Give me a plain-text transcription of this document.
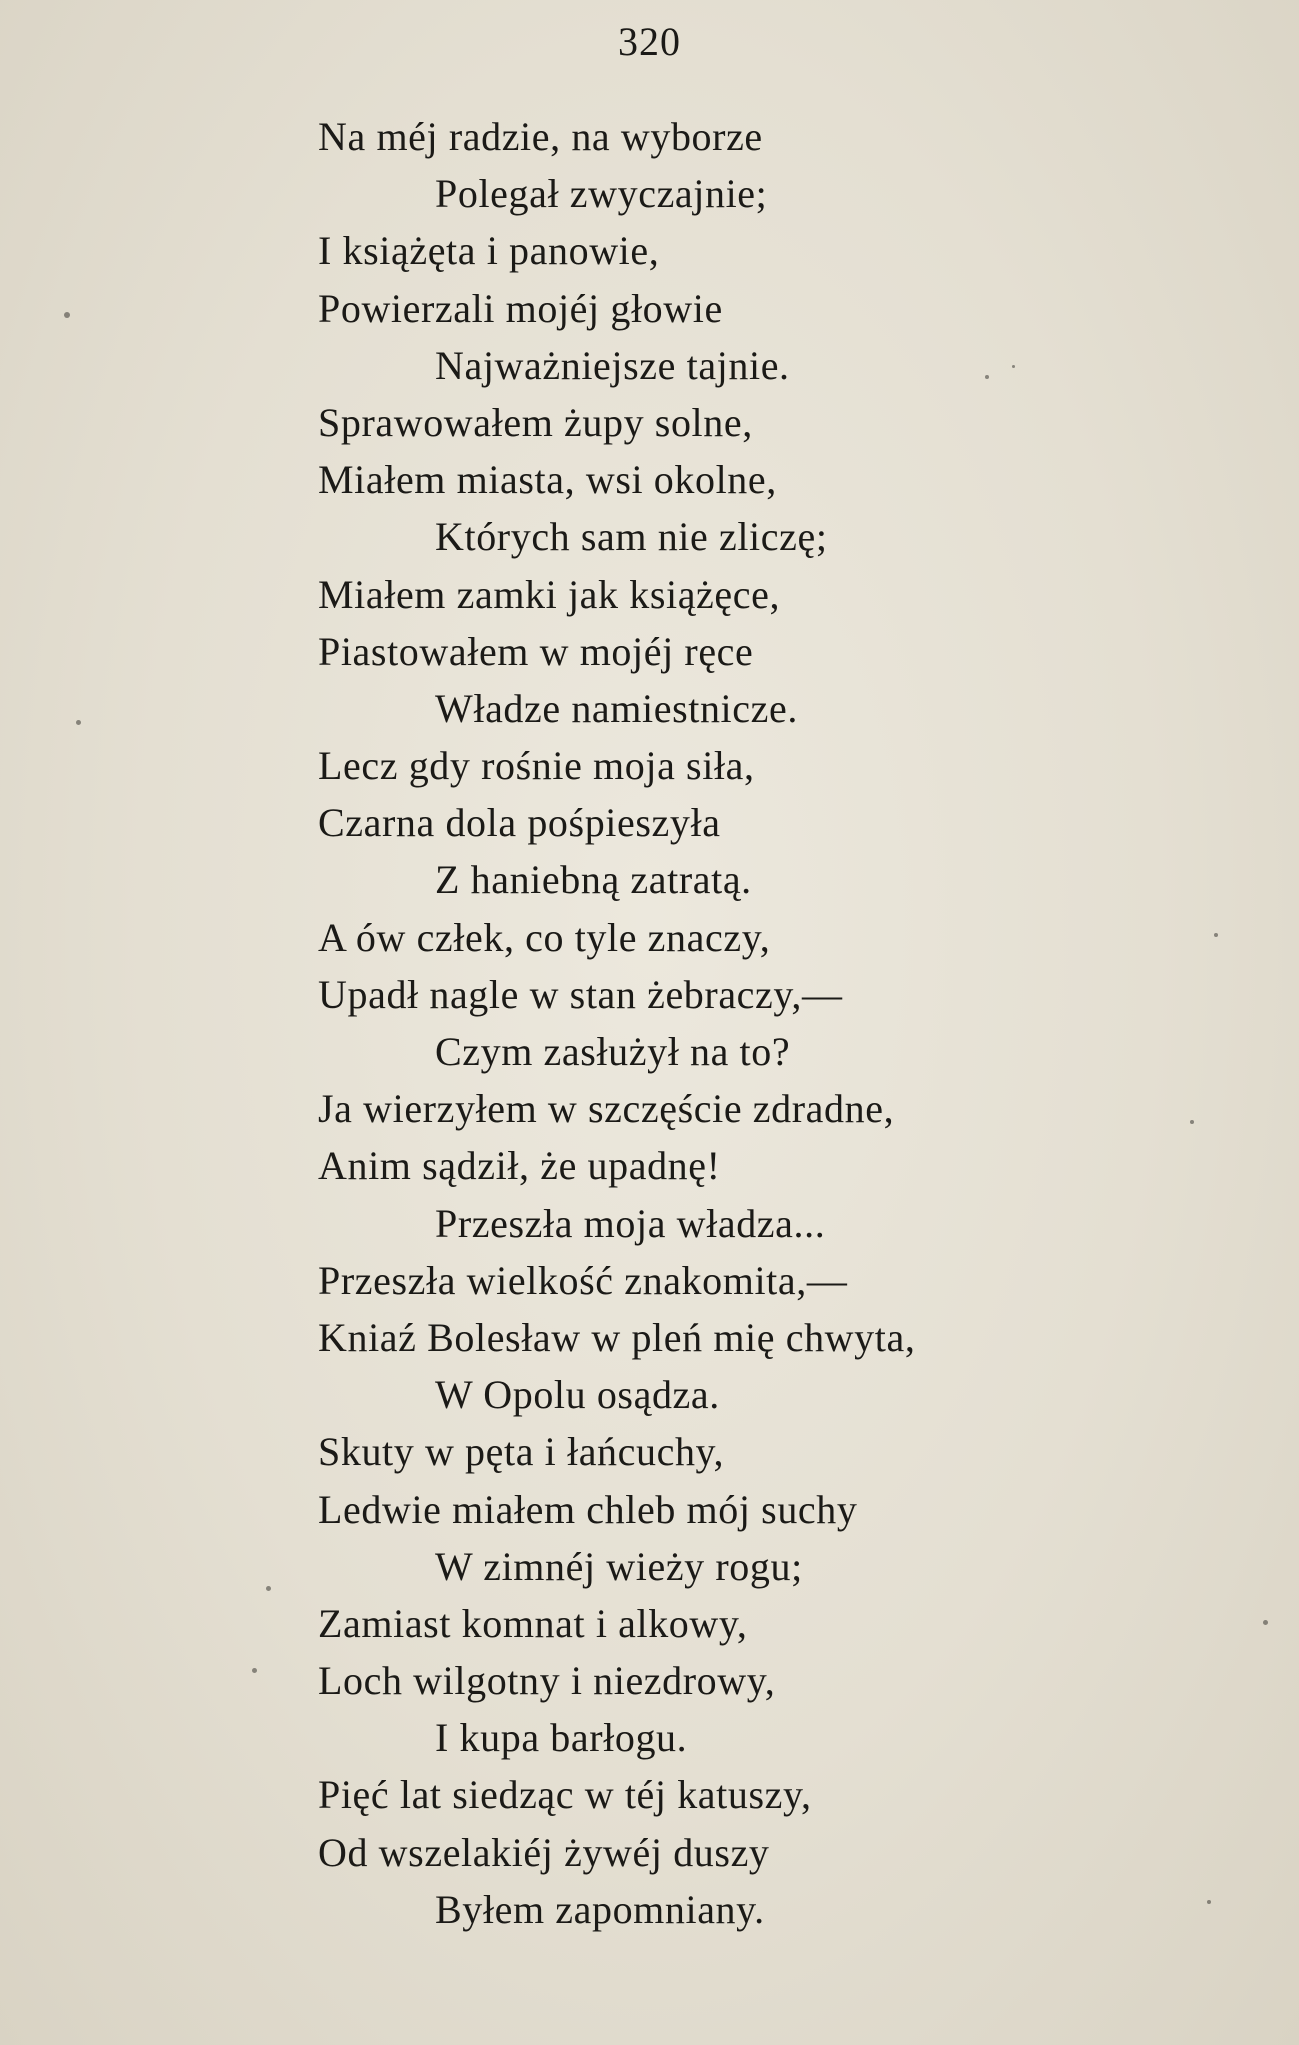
320
Na méj radzie, na wyborze
Polegał zwyczajnie;
I książęta i panowie,
Powierzali mojéj głowie
Najważniejsze tajnie.
Sprawowałem żupy solne,
Miałem miasta, wsi okolne,
Których sam nie zliczę;
Miałem zamki jak książęce,
Piastowałem w mojéj ręce
Władze namiestnicze.
Lecz gdy rośnie moja siła,
Czarna dola pośpieszyła
Z haniebną zatratą.
A ów człek, co tyle znaczy,
Upadł nagle w stan żebraczy,—
Czym zasłużył na to?
Ja wierzyłem w szczęście zdradne,
Anim sądził, że upadnę!
Przeszła moja władza...
Przeszła wielkość znakomita,—
Kniaź Bolesław w pleń mię chwyta,
W Opolu osądza.
Skuty w pęta i łańcuchy,
Ledwie miałem chleb mój suchy
W zimnéj wieży rogu;
Zamiast komnat i alkowy,
Loch wilgotny i niezdrowy,
I kupa barłogu.
Pięć lat siedząc w téj katuszy,
Od wszelakiéj żywéj duszy
Byłem zapomniany.
